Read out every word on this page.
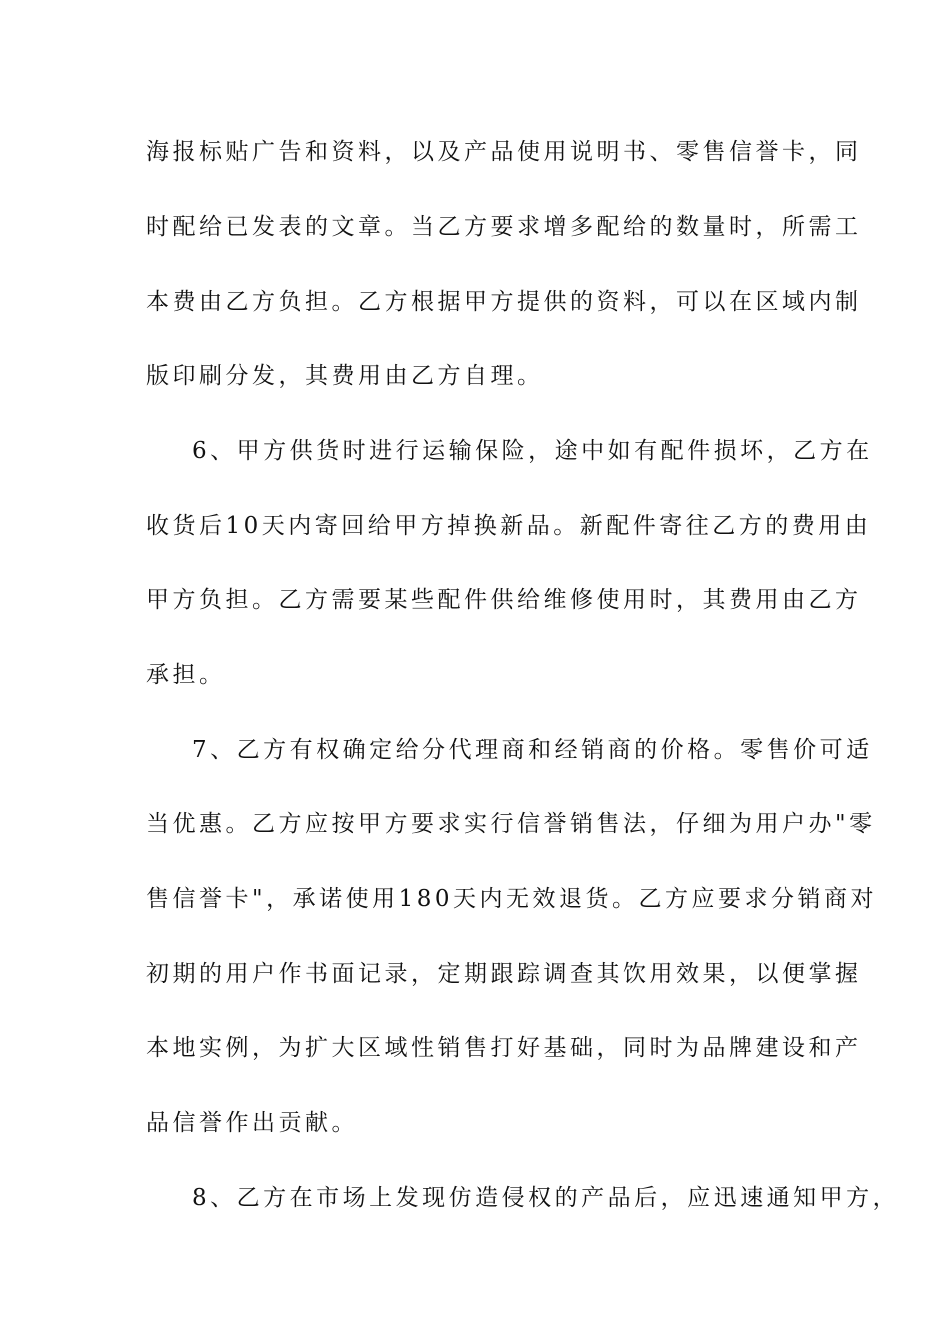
海报标贴广告和资料，以及产品使用说明书、零售信誉卡，同
时配给已发表的文章。当乙方要求增多配给的数量时，所需工
本费由乙方负担。乙方根据甲方提供的资料，可以在区域内制
版印刷分发，其费用由乙方自理。
6、甲方供货时进行运输保险，途中如有配件损坏，乙方在
收货后10天内寄回给甲方掉换新品。新配件寄往乙方的费用由
甲方负担。乙方需要某些配件供给维修使用时，其费用由乙方
承担。
7、乙方有权确定给分代理商和经销商的价格。零售价可适
当优惠。乙方应按甲方要求实行信誉销售法，仔细为用户办"零
售信誉卡"，承诺使用180天内无效退货。乙方应要求分销商对
初期的用户作书面记录，定期跟踪调查其饮用效果，以便掌握
本地实例，为扩大区域性销售打好基础，同时为品牌建设和产
品信誉作出贡献。
8、乙方在市场上发现仿造侵权的产品后，应迅速通知甲方，
